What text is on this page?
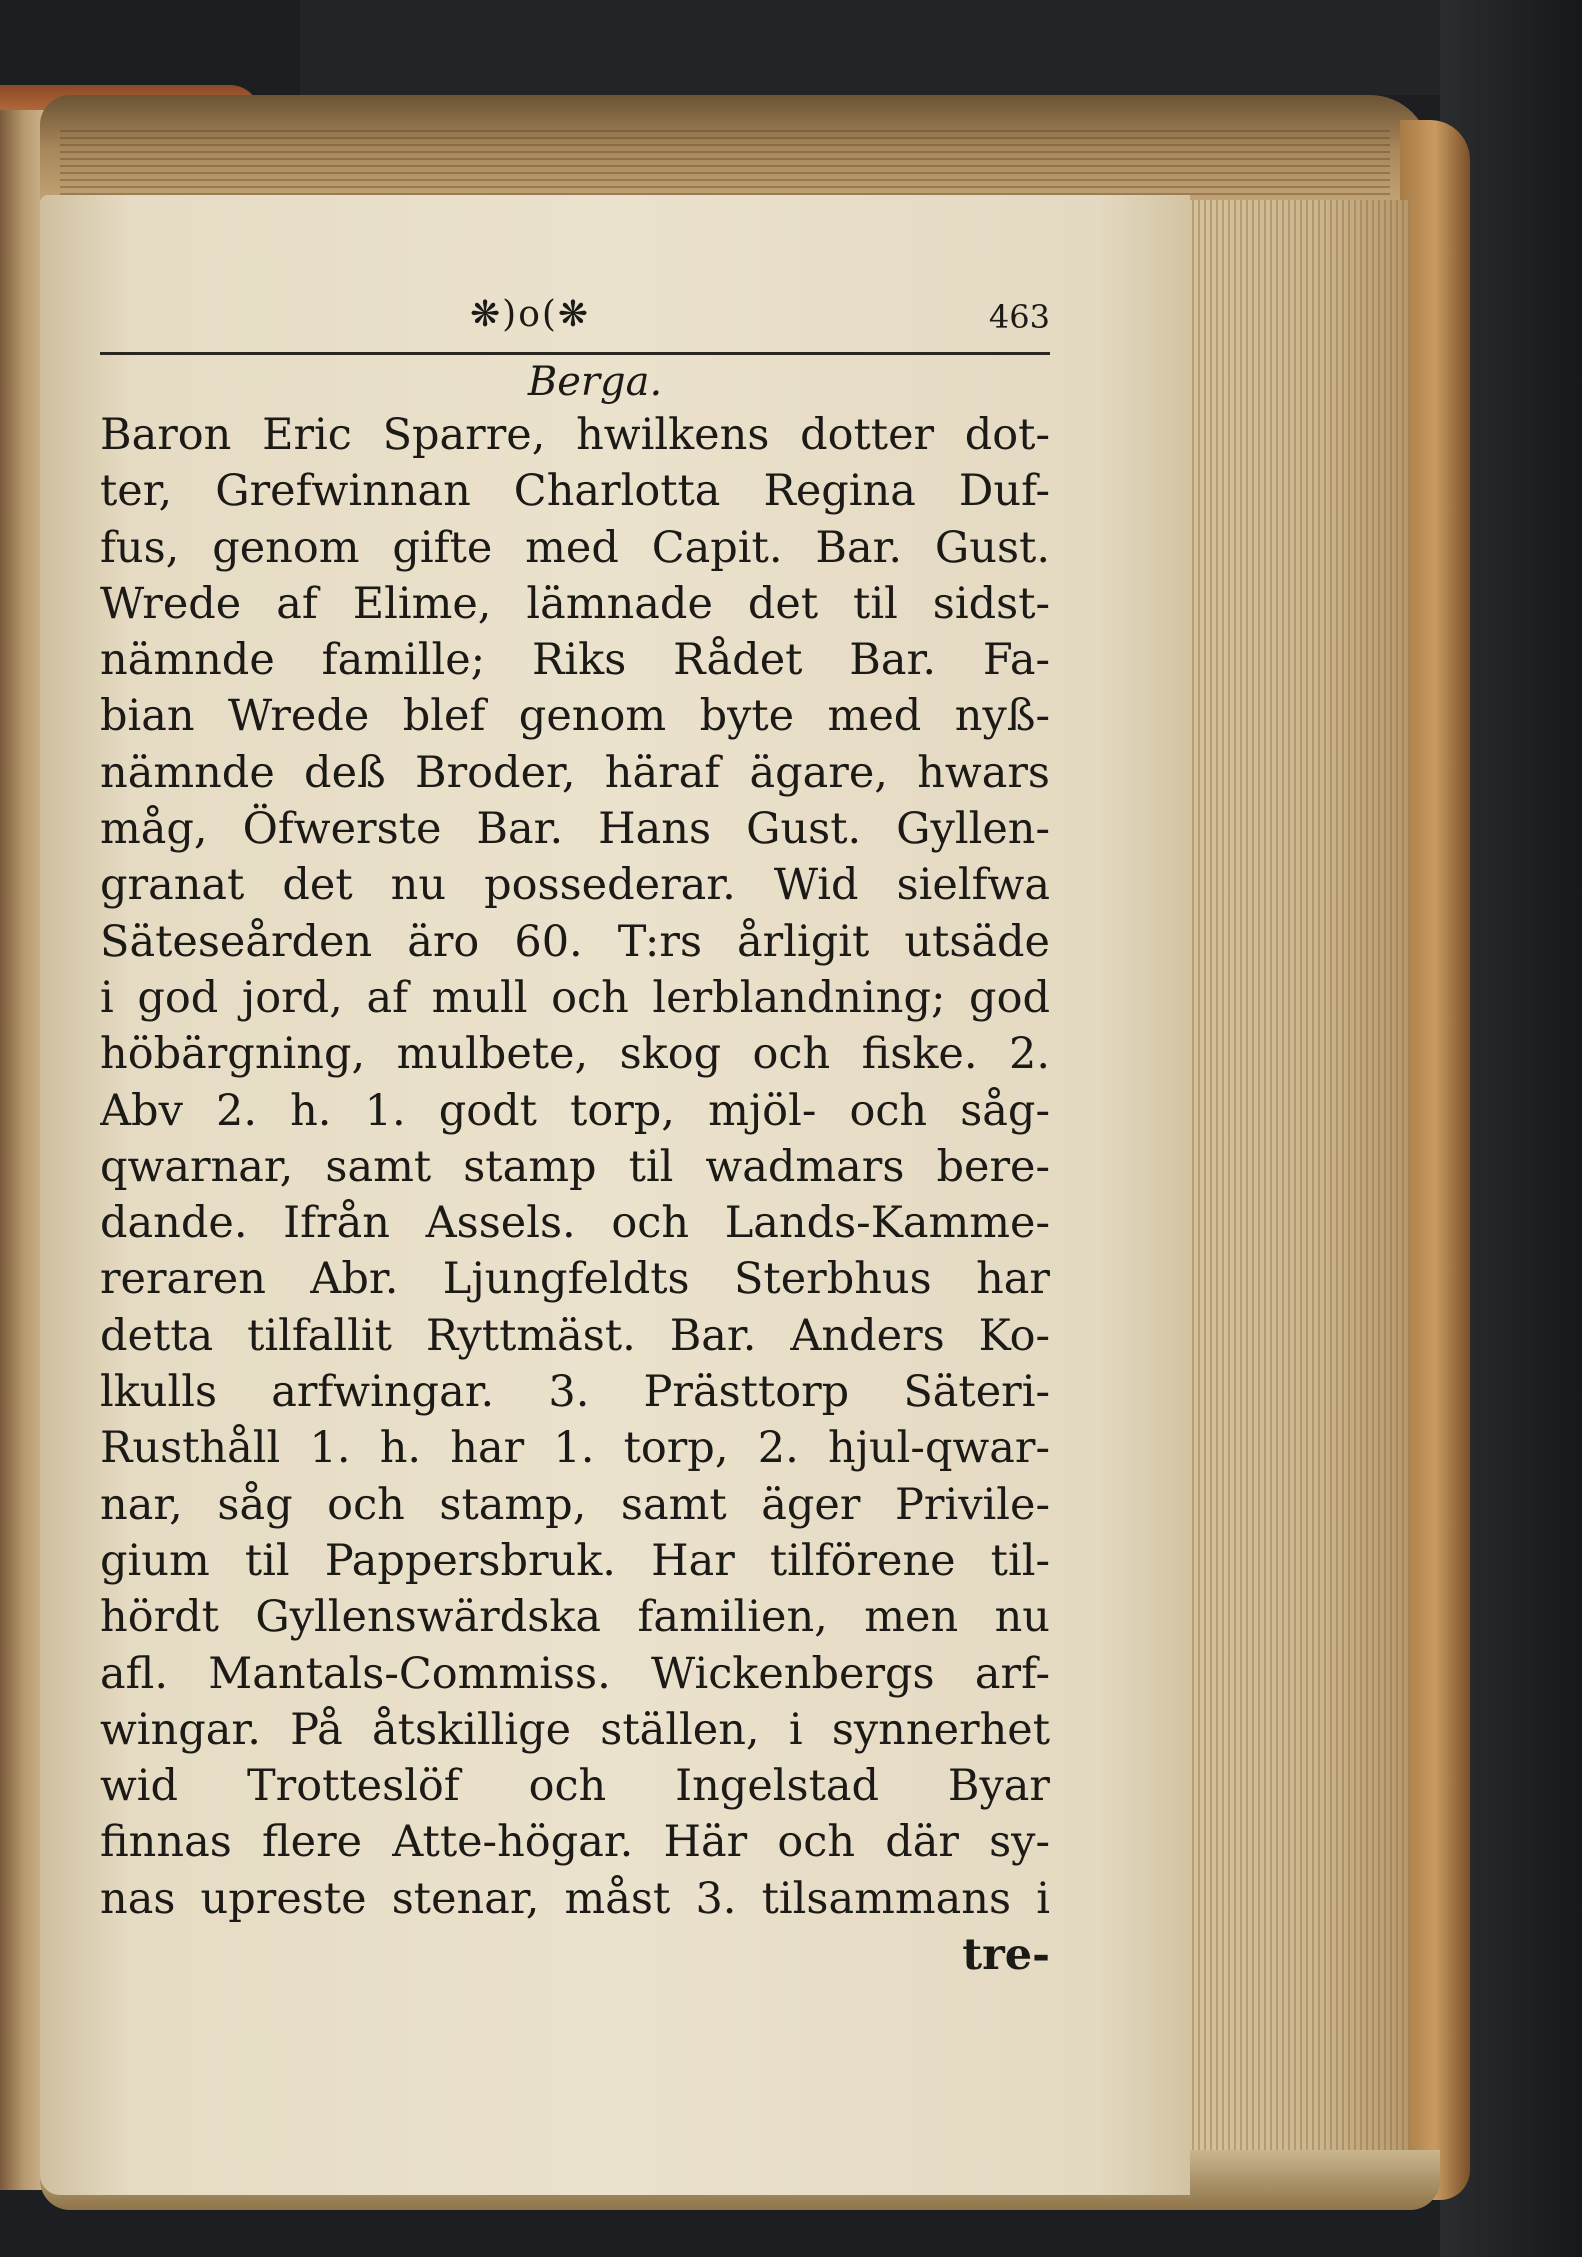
❋)o(❋	463
Berga.
Baron Eric Sparre, hwilkens dotter dot-
ter, Grefwinnan Charlotta Regina Duf-
fus, genom gifte med Capit. Bar. Gust.
Wrede af Elime, lämnade det til sidst-
nämnde famille; Riks Rådet Bar. Fa-
bian Wrede blef genom byte med nyß-
nämnde deß Broder, häraf ägare, hwars
måg, Öfwerste Bar. Hans Gust. Gyllen-
granat det nu possederar. Wid sielfwa
Säteseården äro 60. T:rs årligit utsäde
i god jord, af mull och lerblandning; god
höbärgning, mulbete, skog och fiske. 2.
Abv 2. h. 1. godt torp, mjöl- och såg-
qwarnar, samt stamp til wadmars bere-
dande. Ifrån Assels. och Lands-Kamme-
reraren Abr. Ljungfeldts Sterbhus har
detta tilfallit Ryttmäst. Bar. Anders Ko-
lkulls arfwingar. 3. Prästtorp Säteri-
Rusthåll 1. h. har 1. torp, 2. hjul-qwar-
nar, såg och stamp, samt äger Privile-
gium til Pappersbruk. Har tilförene til-
hördt Gyllenswärdska familien, men nu
afl. Mantals-Commiss. Wickenbergs arf-
wingar. På åtskillige ställen, i synnerhet
wid Trotteslöf och Ingelstad Byar
finnas flere Atte-högar. Här och där sy-
nas upreste stenar, måst 3. tilsammans i
tre-
